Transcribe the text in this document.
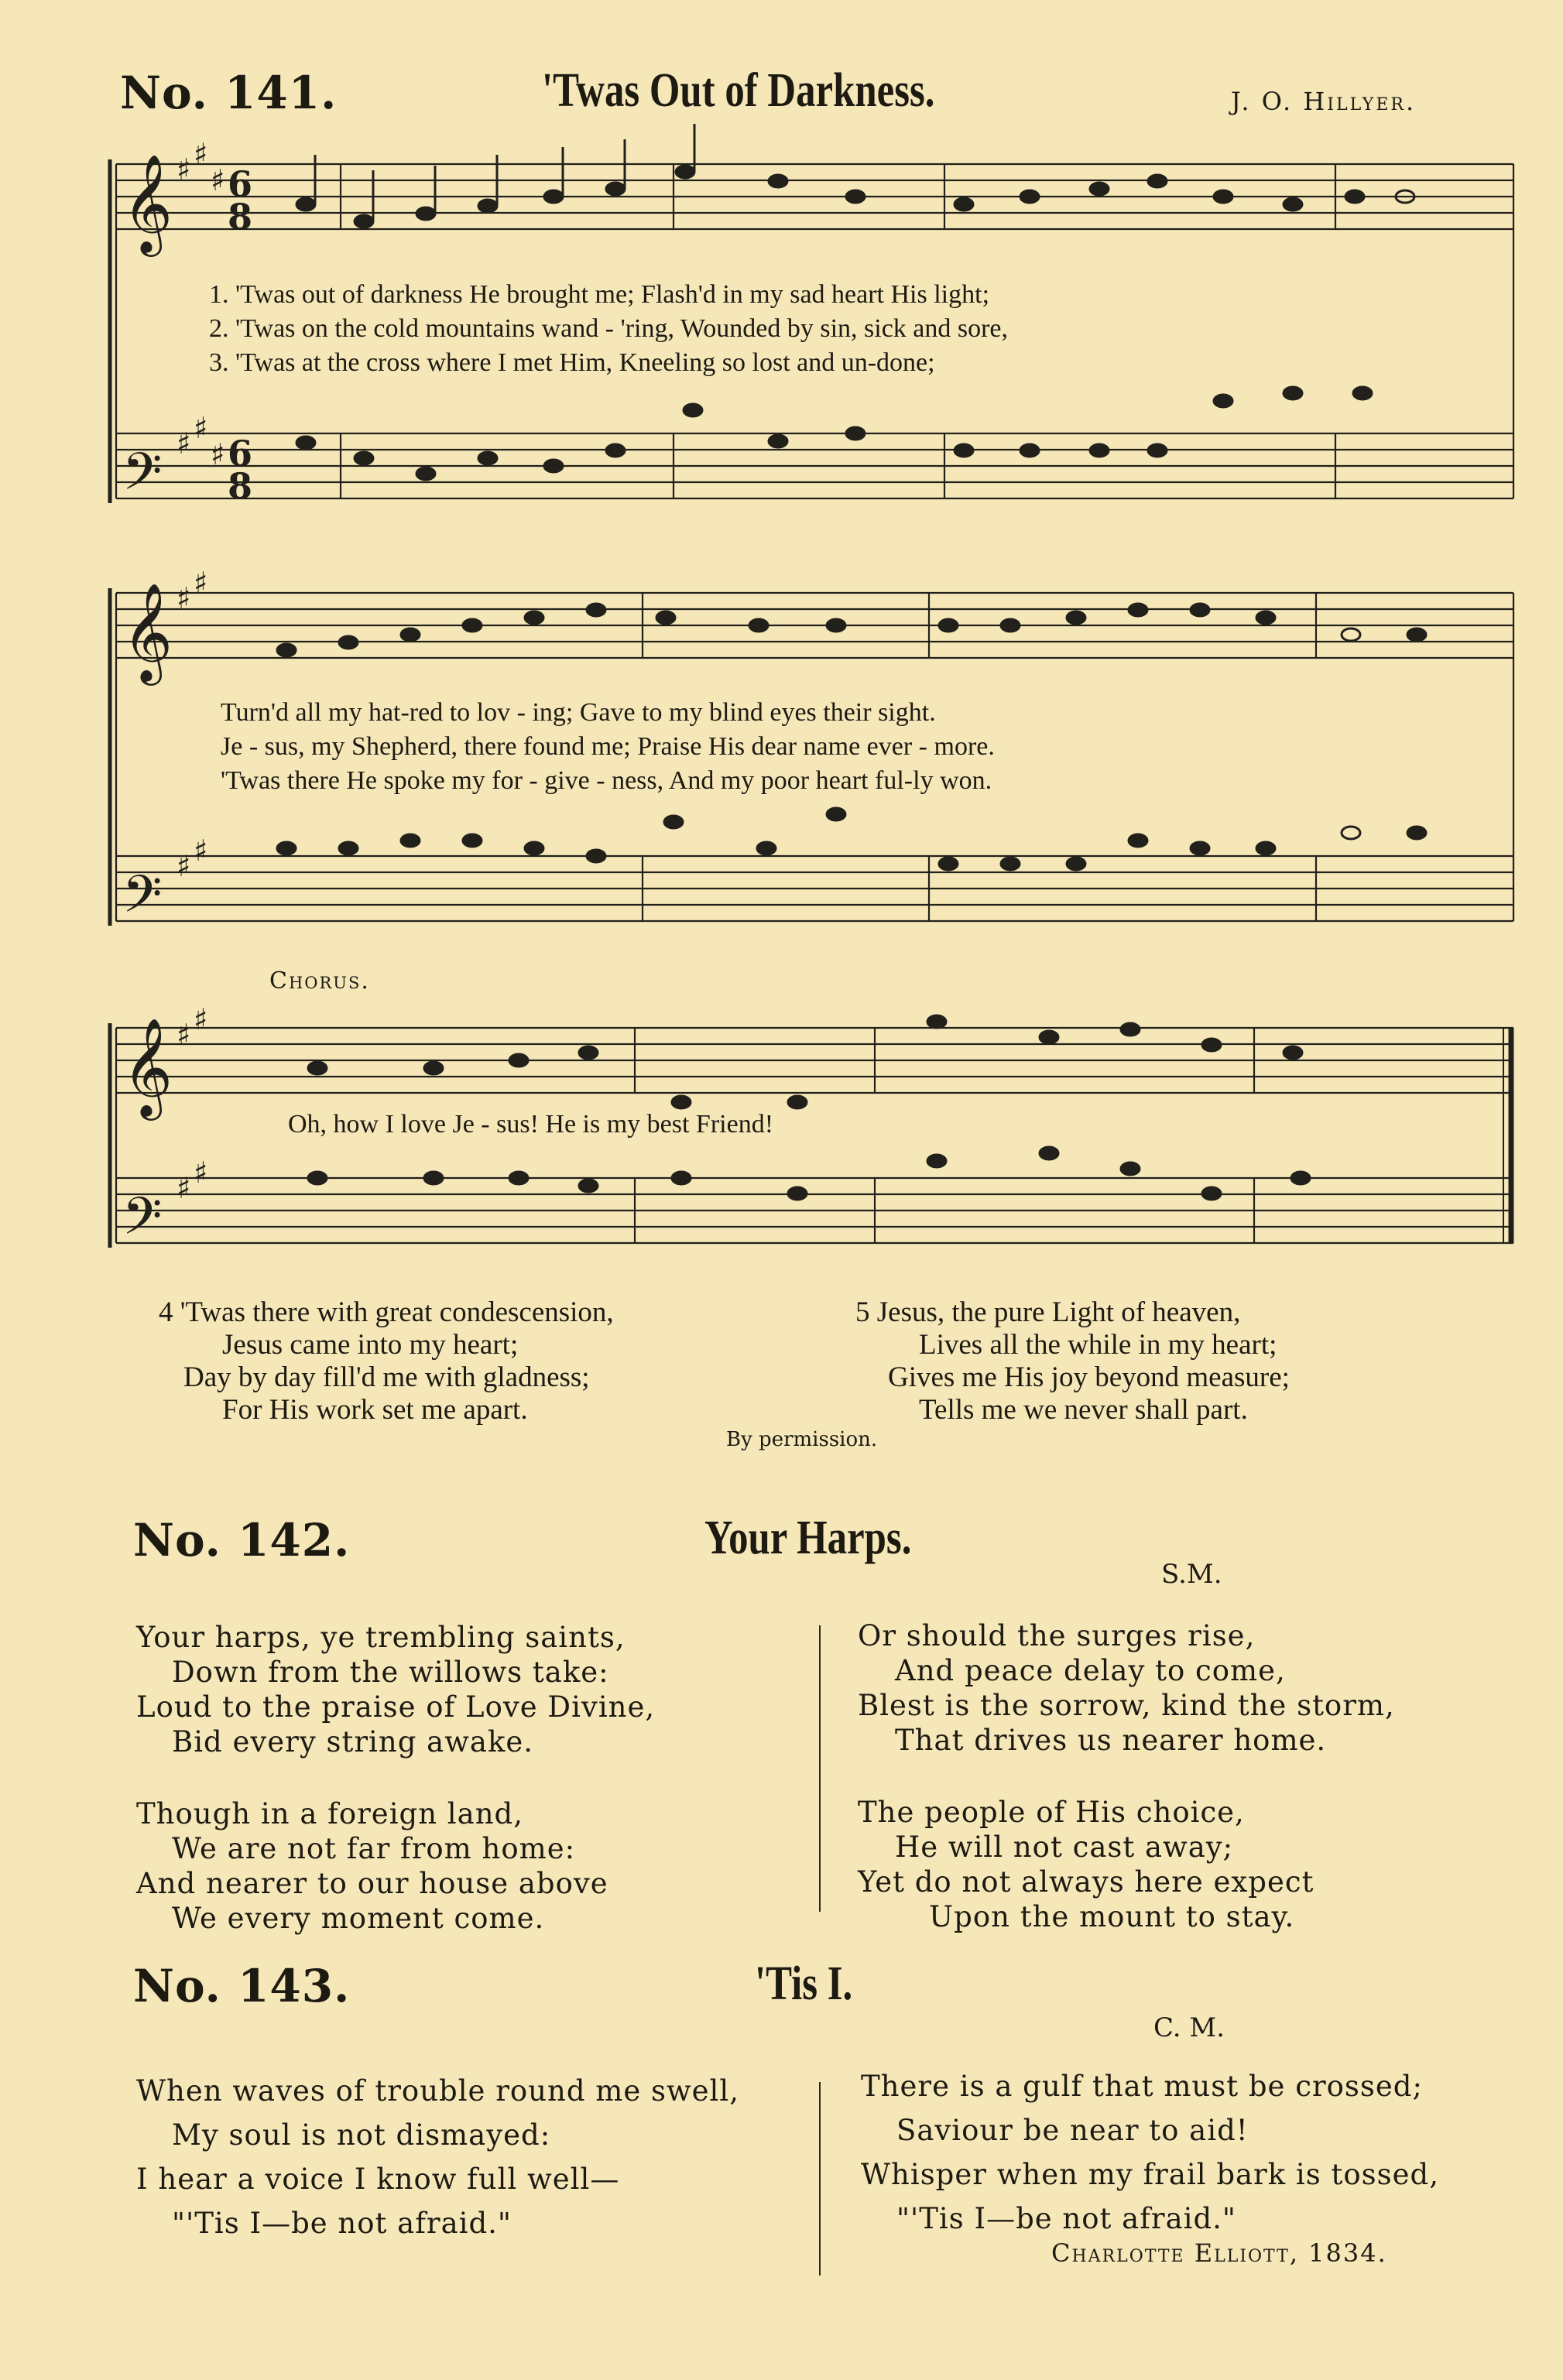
No. 141.	'Twas Out of Darkness.	J. O. Hillyer.
𝄞
𝄢
𝄞
𝄢
𝄞
𝄢
♯ ♯
♯
♯ ♯
♯
♯ ♯
♯ ♯
♯ ♯
♯ ♯
6
8
6
8
1. 'Twas out of darkness He brought me; Flash'd in my sad heart His light;
2. 'Twas on the cold mountains wand - 'ring, Wounded by sin, sick and sore,
3. 'Twas at the cross where I met Him, Kneeling so lost and un-done;
Turn'd all my hat-red to lov - ing; Gave to my blind eyes their sight.
Je - sus, my Shepherd, there found me; Praise His dear name ever - more.
'Twas there He spoke my for - give - ness, And my poor heart ful-ly won.
Chorus.
Oh, how I love Je - sus! He is my best Friend!
4 'Twas there with great condescension,
Jesus came into my heart;
Day by day fill'd me with gladness;
For His work set me apart.
5 Jesus, the pure Light of heaven,
Lives all the while in my heart;
Gives me His joy beyond measure;
Tells me we never shall part.
By permission.
No. 142.	Your Harps.
S.M.
Your harps, ye trembling saints,
Down from the willows take:
Loud to the praise of Love Divine,
Bid every string awake.
Though in a foreign land,
We are not far from home:
And nearer to our house above
We every moment come.
Or should the surges rise,
And peace delay to come,
Blest is the sorrow, kind the storm,
That drives us nearer home.
The people of His choice,
He will not cast away;
Yet do not always here expect
Upon the mount to stay.
No. 143.	'Tis I.
C. M.
When waves of trouble round me swell,
My soul is not dismayed:
I hear a voice I know full well—
"'Tis I—be not afraid."
There is a gulf that must be crossed;
Saviour be near to aid!
Whisper when my frail bark is tossed,
"'Tis I—be not afraid."
Charlotte Elliott, 1834.
